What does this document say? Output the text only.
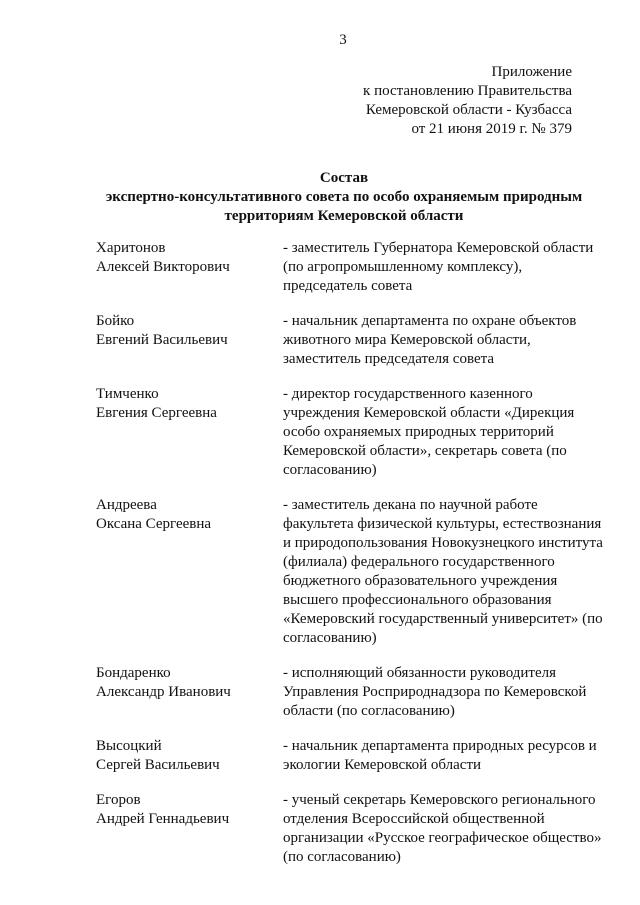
3
Приложение
к постановлению Правительства
Кемеровской области - Кузбасса
от 21 июня 2019 г. № 379
Состав
экспертно-консультативного совета по особо охраняемым природным
территориям Кемеровской области
Харитонов
Алексей Викторович
- заместитель Губернатора Кемеровской области (по агропромышленному комплексу), председатель совета
Бойко
Евгений Васильевич
- начальник департамента по охране объектов животного мира Кемеровской области, заместитель председателя совета
Тимченко
Евгения Сергеевна
- директор государственного казенного учреждения Кемеровской области «Дирекция особо охраняемых природных территорий Кемеровской области», секретарь совета (по согласованию)
Андреева
Оксана Сергеевна
- заместитель декана по научной работе факультета физической культуры, естествознания и природопользования Новокузнецкого института (филиала) федерального государственного бюджетного образовательного учреждения высшего профессионального образования «Кемеровский государственный университет» (по согласованию)
Бондаренко
Александр Иванович
- исполняющий обязанности руководителя Управления Росприроднадзора по Кемеровской области (по согласованию)
Высоцкий
Сергей Васильевич
- начальник департамента природных ресурсов и экологии Кемеровской области
Егоров
Андрей Геннадьевич
- ученый секретарь Кемеровского регионального отделения Всероссийской общественной организации «Русское географическое общество» (по согласованию)
